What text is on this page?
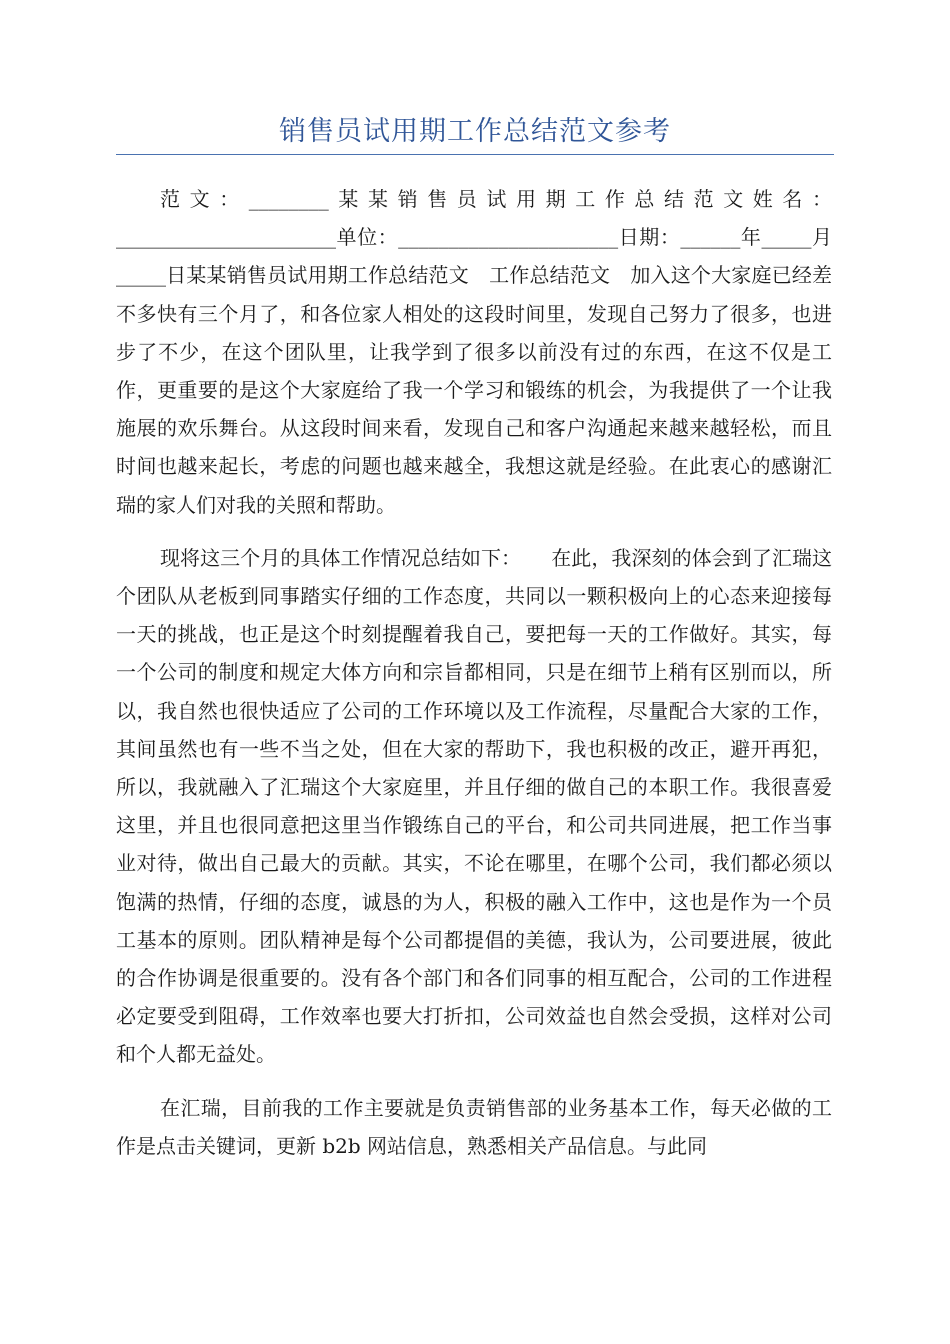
销售员试用期工作总结范文参考

范文：________某某销售员试用期工作总结范文姓名：______________________单位：______________________日期：______年_____月_____日某某销售员试用期工作总结范文　工作总结范文　加入这个大家庭已经差不多快有三个月了，和各位家人相处的这段时间里，发现自己努力了很多，也进步了不少，在这个团队里，让我学到了很多以前没有过的东西，在这不仅是工作，更重要的是这个大家庭给了我一个学习和锻练的机会，为我提供了一个让我施展的欢乐舞台。从这段时间来看，发现自己和客户沟通起来越来越轻松，而且时间也越来起长，考虑的问题也越来越全，我想这就是经验。在此衷心的感谢汇瑞的家人们对我的关照和帮助。

现将这三个月的具体工作情况总结如下：　　在此，我深刻的体会到了汇瑞这个团队从老板到同事踏实仔细的工作态度，共同以一颗积极向上的心态来迎接每一天的挑战，也正是这个时刻提醒着我自己，要把每一天的工作做好。其实，每一个公司的制度和规定大体方向和宗旨都相同，只是在细节上稍有区别而以，所以，我自然也很快适应了公司的工作环境以及工作流程，尽量配合大家的工作，其间虽然也有一些不当之处，但在大家的帮助下，我也积极的改正，避开再犯，所以，我就融入了汇瑞这个大家庭里，并且仔细的做自己的本职工作。我很喜爱这里，并且也很同意把这里当作锻练自己的平台，和公司共同进展，把工作当事业对待，做出自己最大的贡献。其实，不论在哪里，在哪个公司，我们都必须以饱满的热情，仔细的态度，诚恳的为人，积极的融入工作中，这也是作为一个员工基本的原则。团队精神是每个公司都提倡的美德，我认为，公司要进展，彼此的合作协调是很重要的。没有各个部门和各们同事的相互配合，公司的工作进程必定要受到阻碍，工作效率也要大打折扣，公司效益也自然会受损，这样对公司和个人都无益处。

在汇瑞，目前我的工作主要就是负责销售部的业务基本工作，每天必做的工作是点击关键词，更新 b2b 网站信息，熟悉相关产品信息。与此同
